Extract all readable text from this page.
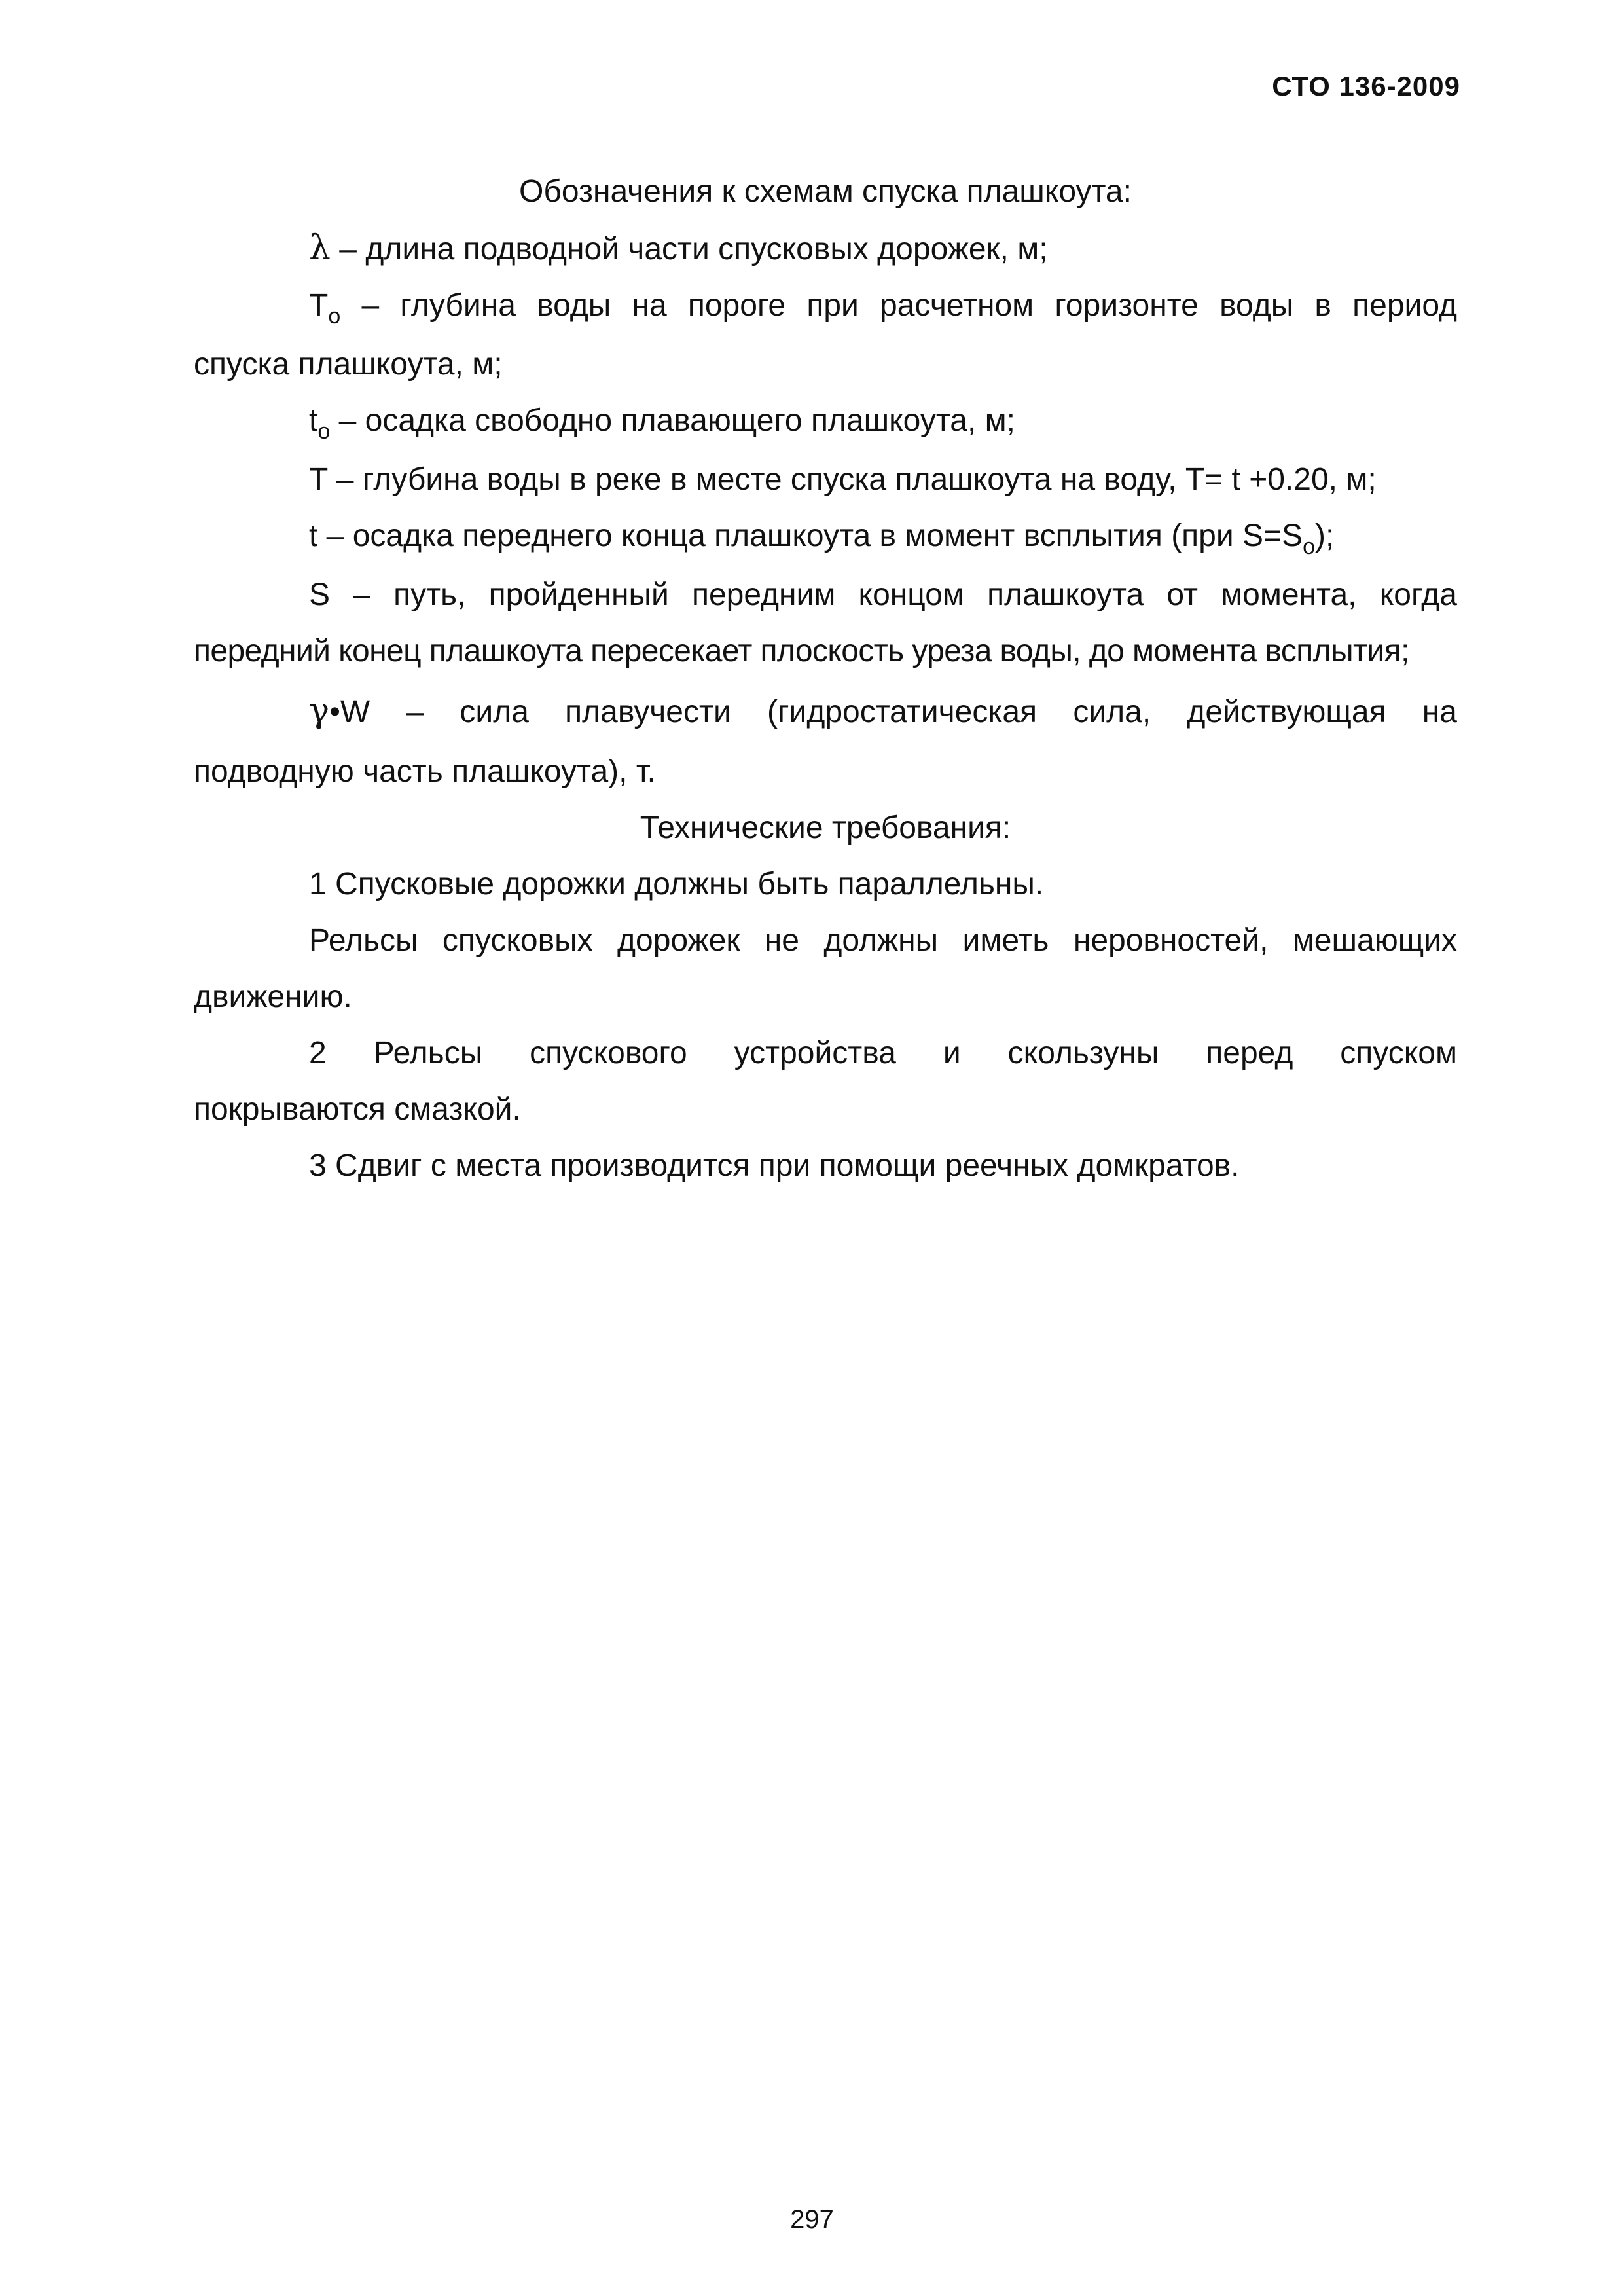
СТО 136-2009
Обозначения к схемам спуска плашкоута:
λ – длина подводной части спусковых дорожек, м;
$T_o$ – глубина воды на пороге при расчетном горизонте воды в период
спуска плашкоута, м;
$t_o$ – осадка свободно плавающего плашкоута, м;
T – глубина воды в реке в месте спуска плашкоута на воду, T= t +0.20, м;
t – осадка переднего конца плашкоута в момент всплытия (при $S=S_o$);
S – путь, пройденный передним концом плашкоута от момента, когда
передний конец плашкоута пересекает плоскость уреза воды, до момента всплытия;
γ•W – сила плавучести (гидростатическая сила, действующая на
подводную часть плашкоута), т.
Технические требования:
1 Спусковые дорожки должны быть параллельны.
Рельсы спусковых дорожек не должны иметь неровностей, мешающих
движению.
2 Рельсы спускового устройства и скользуны перед спуском
покрываются смазкой.
3 Сдвиг с места производится при помощи реечных домкратов.
297
